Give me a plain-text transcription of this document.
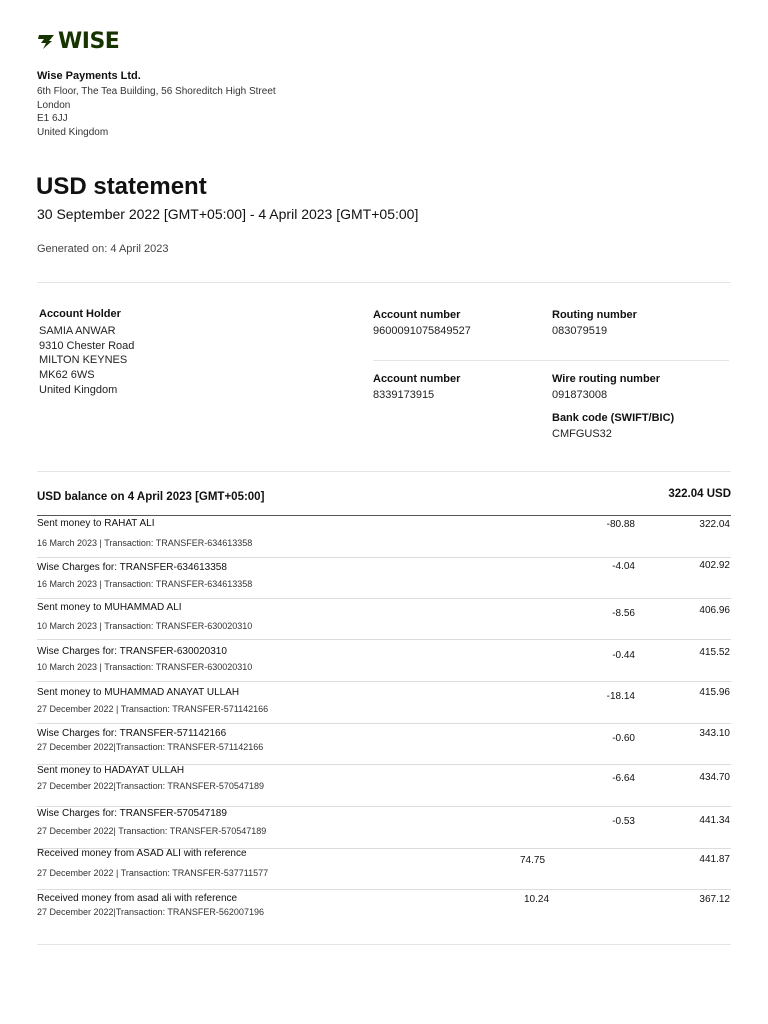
WISE
Wise Payments Ltd.
6th Floor, The Tea Building, 56 Shoreditch High Street
London
E1 6JJ
United Kingdom
USD statement
30 September 2022 [GMT+05:00] - 4 April 2023 [GMT+05:00]
Generated on: 4 April 2023
Account Holder
SAMIA ANWAR
9310 Chester Road
MILTON KEYNES
MK62 6WS
United Kingdom
Account number
9600091075849527
Routing number
083079519
Account number
8339173915
Wire routing number
091873008
Bank code (SWIFT/BIC)
CMFGUS32
USD balance on 4 April 2023 [GMT+05:00]	322.04 USD
Sent money to RAHAT ALI
16 March 2023 | Transaction: TRANSFER-634613358
-80.88	322.04
Wise Charges for: TRANSFER-634613358
16 March 2023 | Transaction: TRANSFER-634613358
-4.04	402.92
Sent money to MUHAMMAD ALI
10 March 2023 | Transaction: TRANSFER-630020310
-8.56	406.96
Wise Charges for: TRANSFER-630020310
10 March 2023 | Transaction: TRANSFER-630020310
-0.44	415.52
Sent money to MUHAMMAD ANAYAT ULLAH
27 December 2022 | Transaction: TRANSFER-571142166
-18.14	415.96
Wise Charges for: TRANSFER-571142166
27 December 2022|Transaction: TRANSFER-571142166
-0.60	343.10
Sent money to HADAYAT ULLAH
27 December 2022|Transaction: TRANSFER-570547189
-6.64	434.70
Wise Charges for: TRANSFER-570547189
27 December 2022| Transaction: TRANSFER-570547189
-0.53	441.34
Received money from ASAD ALI with reference
27 December 2022 | Transaction: TRANSFER-537711577
74.75	441.87
Received money from asad ali with reference
27 December 2022|Transaction: TRANSFER-562007196
10.24	367.12
